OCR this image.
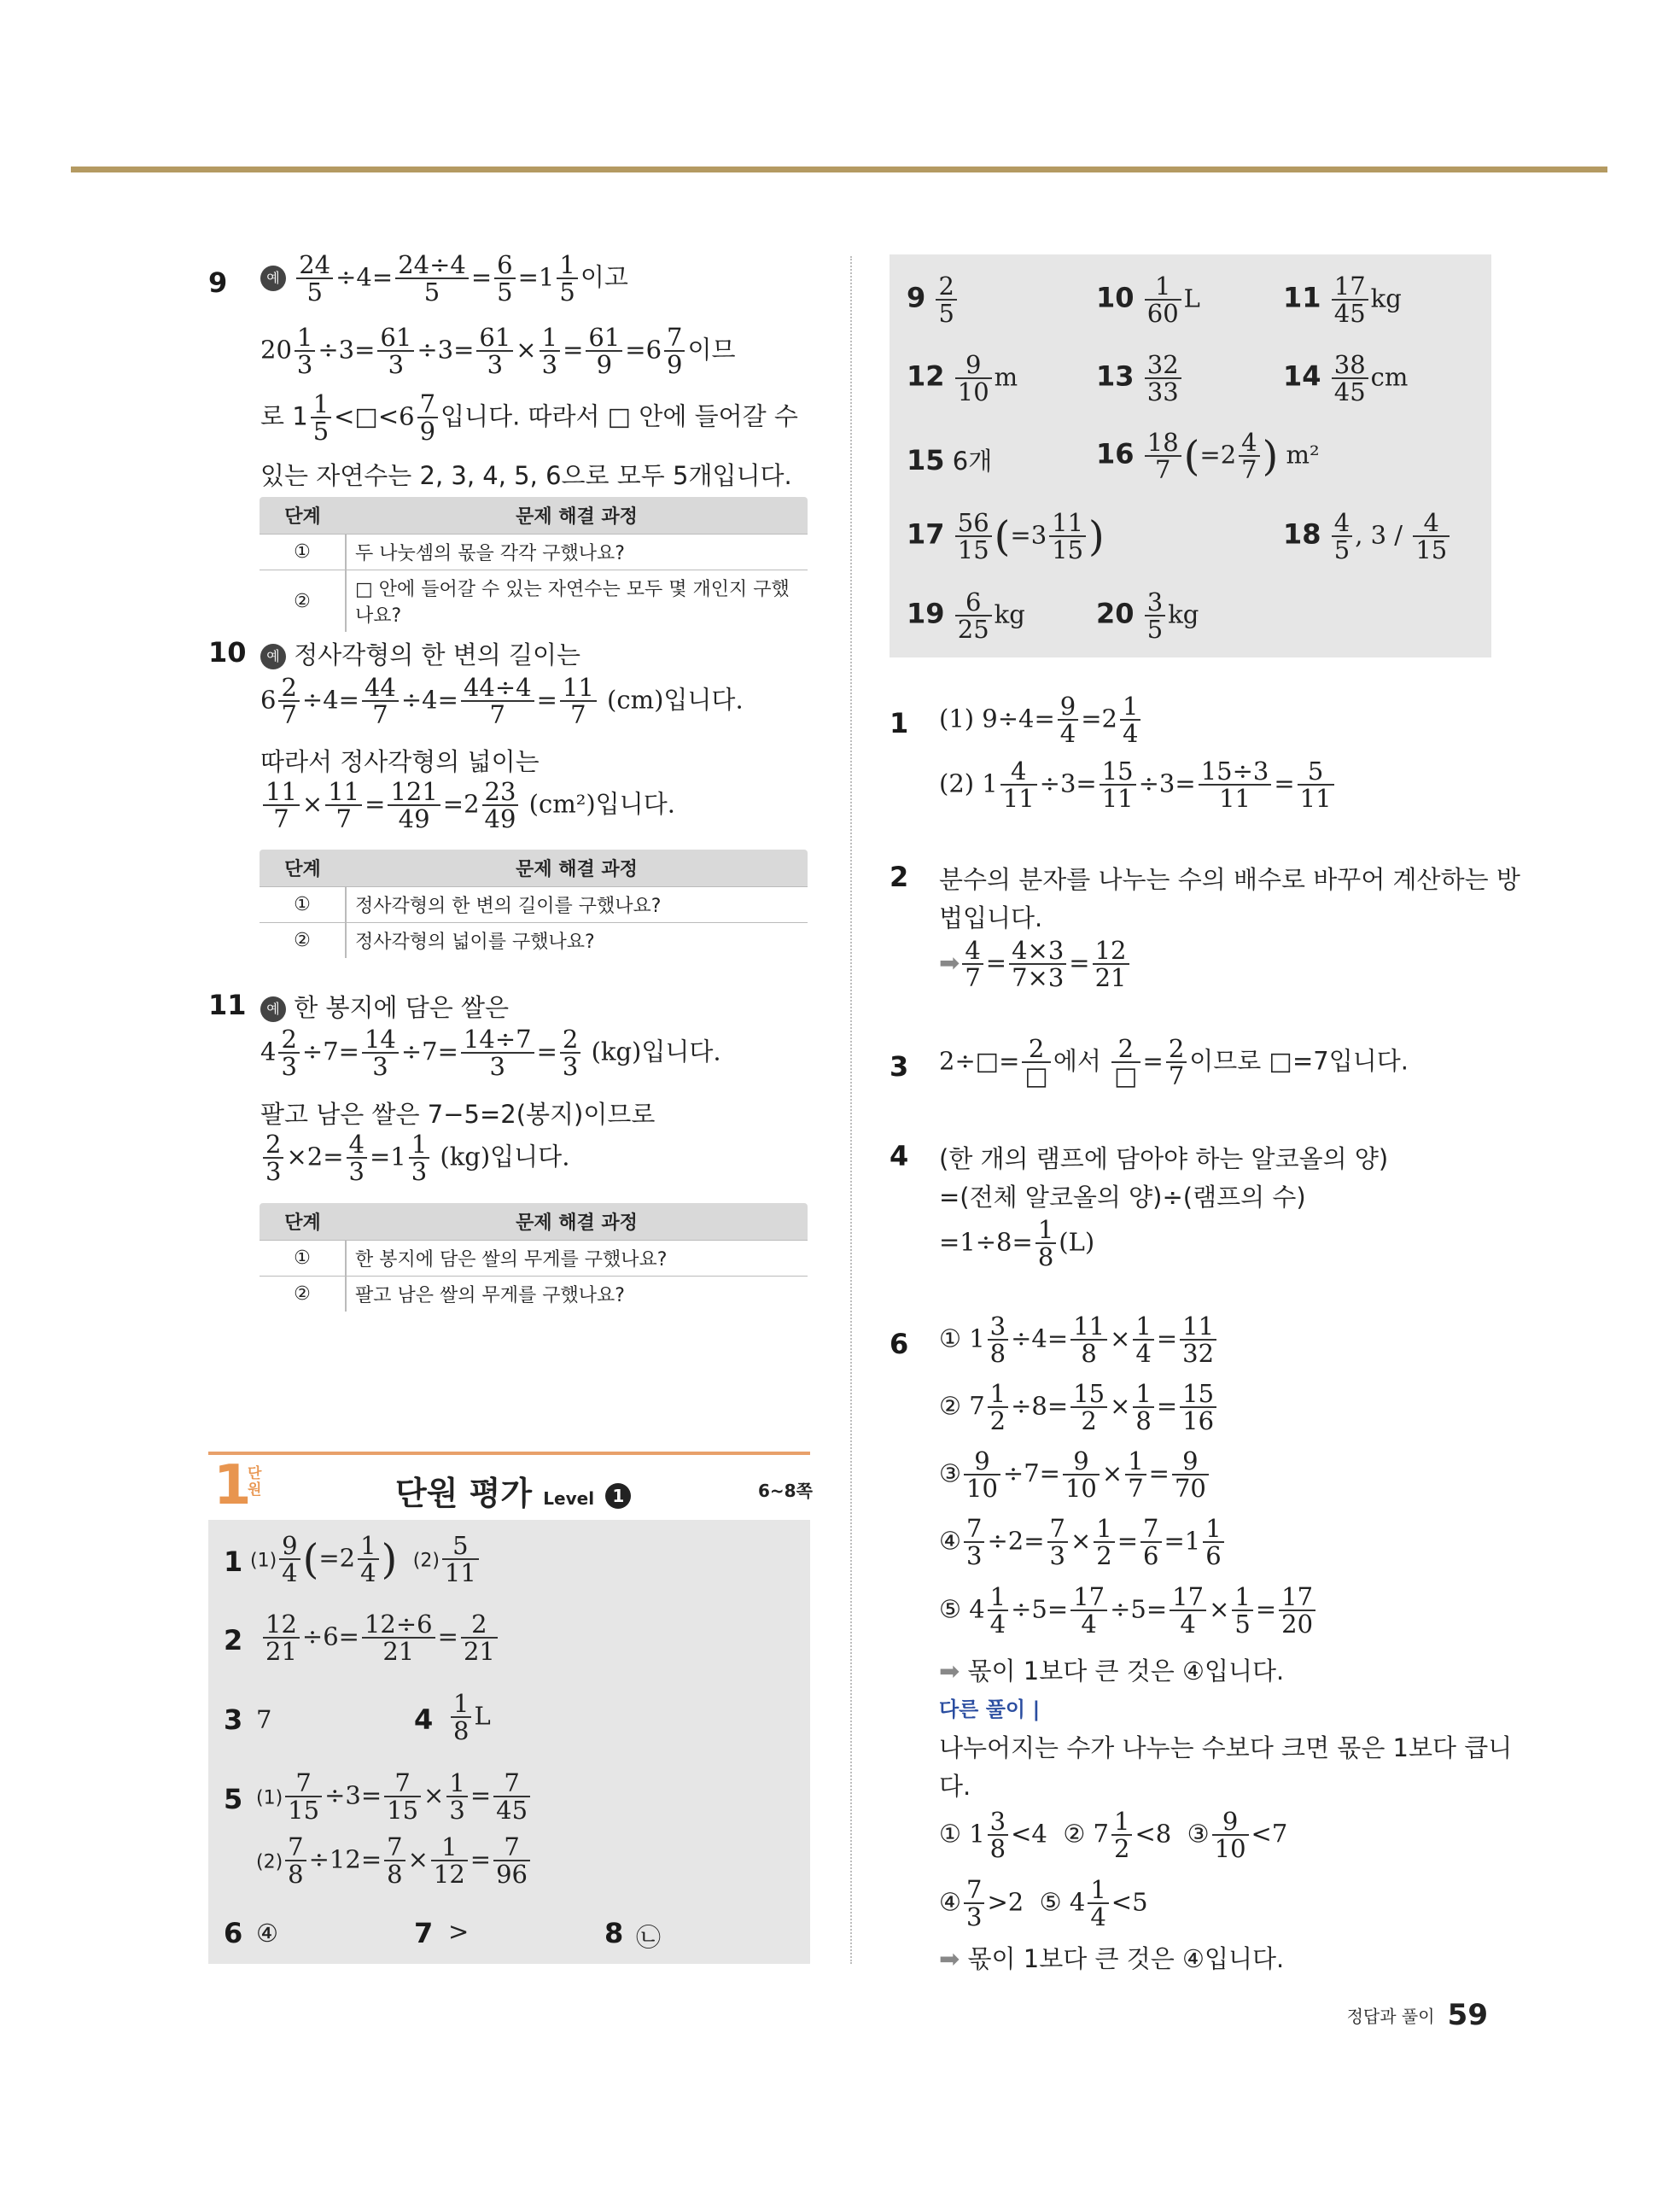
9	예 $\frac{24}{5} \div 4= \frac{24\div 4}{5} = \frac{6}{5} =1 \frac{1}{5}$ 이고
$20 \frac{1}{3} \div 3= \frac{61}{3} \div 3= \frac{61}{3} \times \frac{1}{3} = \frac{61}{9} =6 \frac{7}{9}$ 이므
로 $1 \frac{1}{5}$ <□<6 $\frac{7}{9}$ 입니다. 따라서 □ 안에 들어갈 수
있는 자연수는 2, 3, 4, 5, 6으로 모두 5개입니다.
단계	문제 해결 과정
①	두 나눗셈의 몫을 각각 구했나요?
②	□ 안에 들어갈 수 있는 자연수는 모두 몇 개인지 구했나요?
10	예 정사각형의 한 변의 길이는
$6 \frac{2}{7} \div 4= \frac{44}{7} \div 4= \frac{44\div 4}{7} = \frac{11}{7} (cm)$입니다.
따라서 정사각형의 넓이는
$\frac{11}{7} \times \frac{11}{7} = \frac{121}{49} =2 \frac{23}{49} (cm^2)$입니다.
단계	문제 해결 과정
①	정사각형의 한 변의 길이를 구했나요?
②	정사각형의 넓이를 구했나요?
11	예 한 봉지에 담은 쌀은
$4 \frac{2}{3} \div 7= \frac{14}{3} \div 7= \frac{14\div 7}{3} = \frac{2}{3} (kg)$입니다.
팔고 남은 쌀은 7−5=2(봉지)이므로
$\frac{2}{3} \times 2= \frac{4}{3} =1 \frac{1}{3} (kg)$입니다.
단계	문제 해결 과정
①	한 봉지에 담은 쌀의 무게를 구했나요?
②	팔고 남은 쌀의 무게를 구했나요?
1
단
원	단원 평가 Level 1	6~8쪽
1 $(1) \frac{9}{4} (=2 \frac{1}{4}$ ) $(2) \frac{5}{11}$
$2 \frac{12}{21} \div 6= \frac{12\div 6}{21} = \frac{2}{21}$
3 7	$4 \frac{1}{8}$ L
5 $(1) \frac{7}{15} \div 3= \frac{7}{15} \times \frac{1}{3} = \frac{7}{45}$
$(2) \frac{7}{8} \div 12= \frac{7}{8} \times \frac{1}{12} = \frac{7}{96}$
6 ④	7 >	8 ㉡
$9 \frac{2}{5}$	$10 \frac{1}{60}$ L	$11 \frac{17}{45}$ kg
$12 \frac{9}{10}$ m	$13 \frac{32}{33}$	$14 \frac{38}{45}$ cm
15 6개	$16 \frac{18}{7} (=2 \frac{4}{7}$ ) m²
$17 \frac{56}{15} (=3 \frac{11}{15}$ )	$18 \frac{4}{5}$ , $3 / \frac{4}{15}$
$19 \frac{6}{25}$ kg	$20 \frac{3}{5}$ kg
1 (1) $9\div 4= \frac{9}{4} =2 \frac{1}{4}$
(2) $1 \frac{4}{11} \div 3= \frac{15}{11} \div 3= \frac{15\div 3}{11} = \frac{5}{11}$
2 분수의 분자를 나누는 수의 배수로 바꾸어 계산하는 방
법입니다.
➡ $\frac{4}{7} = \frac{4\times 3}{7\times 3} = \frac{12}{21}$
3 2÷□= $\frac{2}{□}$ 에서 $\frac{2}{□} = \frac{2}{7}$ 이므로 □=7입니다.
4 (한 개의 램프에 담아야 하는 알코올의 양)
=(전체 알코올의 양)÷(램프의 수)
$=1\div 8= \frac{1}{8} (L)$
6 ① $1 \frac{3}{8} \div 4= \frac{11}{8} \times \frac{1}{4} = \frac{11}{32}$
② $7 \frac{1}{2} \div 8= \frac{15}{2} \times \frac{1}{8} = \frac{15}{16}$
③ $\frac{9}{10} \div 7= \frac{9}{10} \times \frac{1}{7} = \frac{9}{70}$
④ $\frac{7}{3} \div 2= \frac{7}{3} \times \frac{1}{2} = \frac{7}{6} =1 \frac{1}{6}$
⑤ $4 \frac{1}{4} \div 5= \frac{17}{4} \div 5= \frac{17}{4} \times \frac{1}{5} = \frac{17}{20}$
➡ 몫이 1보다 큰 것은 ④입니다.
다른 풀이 |
나누어지는 수가 나누는 수보다 크면 몫은 1보다 큽니
다.
① $1 \frac{3}{8} <4$ ② $7 \frac{1}{2} <8$ ③ $\frac{9}{10} <7$
④ $\frac{7}{3} >2$ ⑤ $4 \frac{1}{4} <5$
➡ 몫이 1보다 큰 것은 ④입니다.
정답과 풀이 59
